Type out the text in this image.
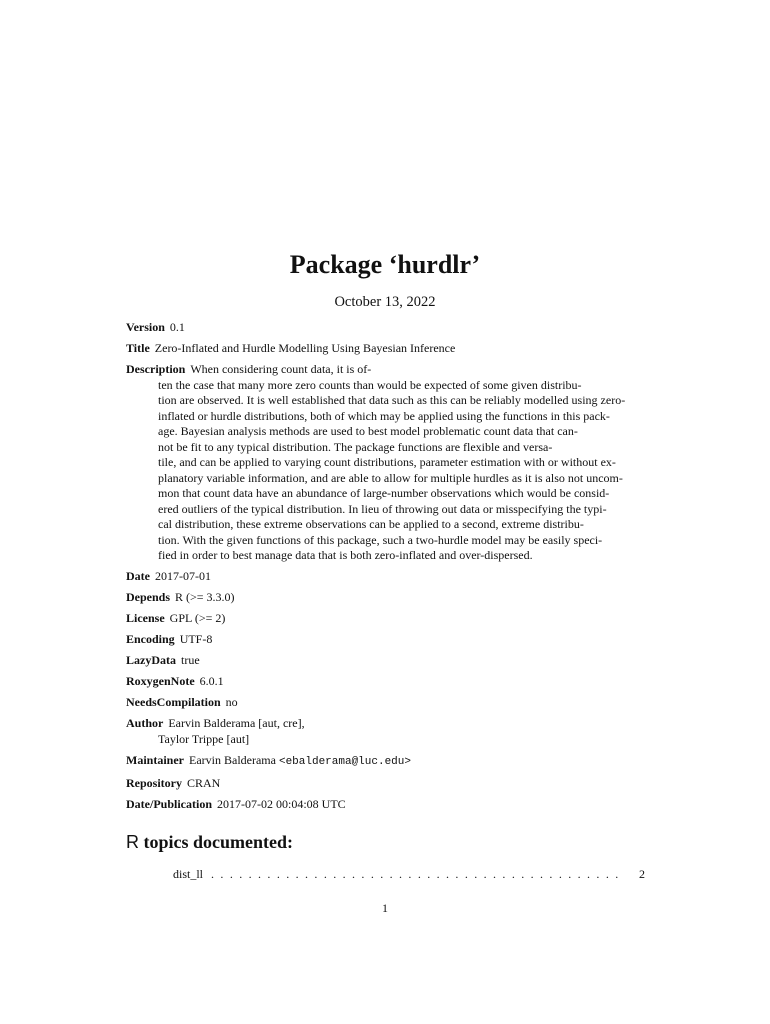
Package ‘hurdlr’
October 13, 2022
Version 0.1
Title Zero-Inflated and Hurdle Modelling Using Bayesian Inference
Description When considering count data, it is of-
ten the case that many more zero counts than would be expected of some given distribu-
tion are observed. It is well established that data such as this can be reliably modelled using zero-
inflated or hurdle distributions, both of which may be applied using the functions in this pack-
age. Bayesian analysis methods are used to best model problematic count data that can-
not be fit to any typical distribution. The package functions are flexible and versa-
tile, and can be applied to varying count distributions, parameter estimation with or without ex-
planatory variable information, and are able to allow for multiple hurdles as it is also not uncom-
mon that count data have an abundance of large-number observations which would be consid-
ered outliers of the typical distribution. In lieu of throwing out data or misspecifying the typi-
cal distribution, these extreme observations can be applied to a second, extreme distribu-
tion. With the given functions of this package, such a two-hurdle model may be easily speci-
fied in order to best manage data that is both zero-inflated and over-dispersed.
Date 2017-07-01
Depends R (>= 3.3.0)
License GPL (>= 2)
Encoding UTF-8
LazyData true
RoxygenNote 6.0.1
NeedsCompilation no
Author Earvin Balderama [aut, cre],
Taylor Trippe [aut]
Maintainer Earvin Balderama <ebalderama@luc.edu>
Repository CRAN
Date/Publication 2017-07-02 00:04:08 UTC
R topics documented:
dist_ll ............................................	2
1
